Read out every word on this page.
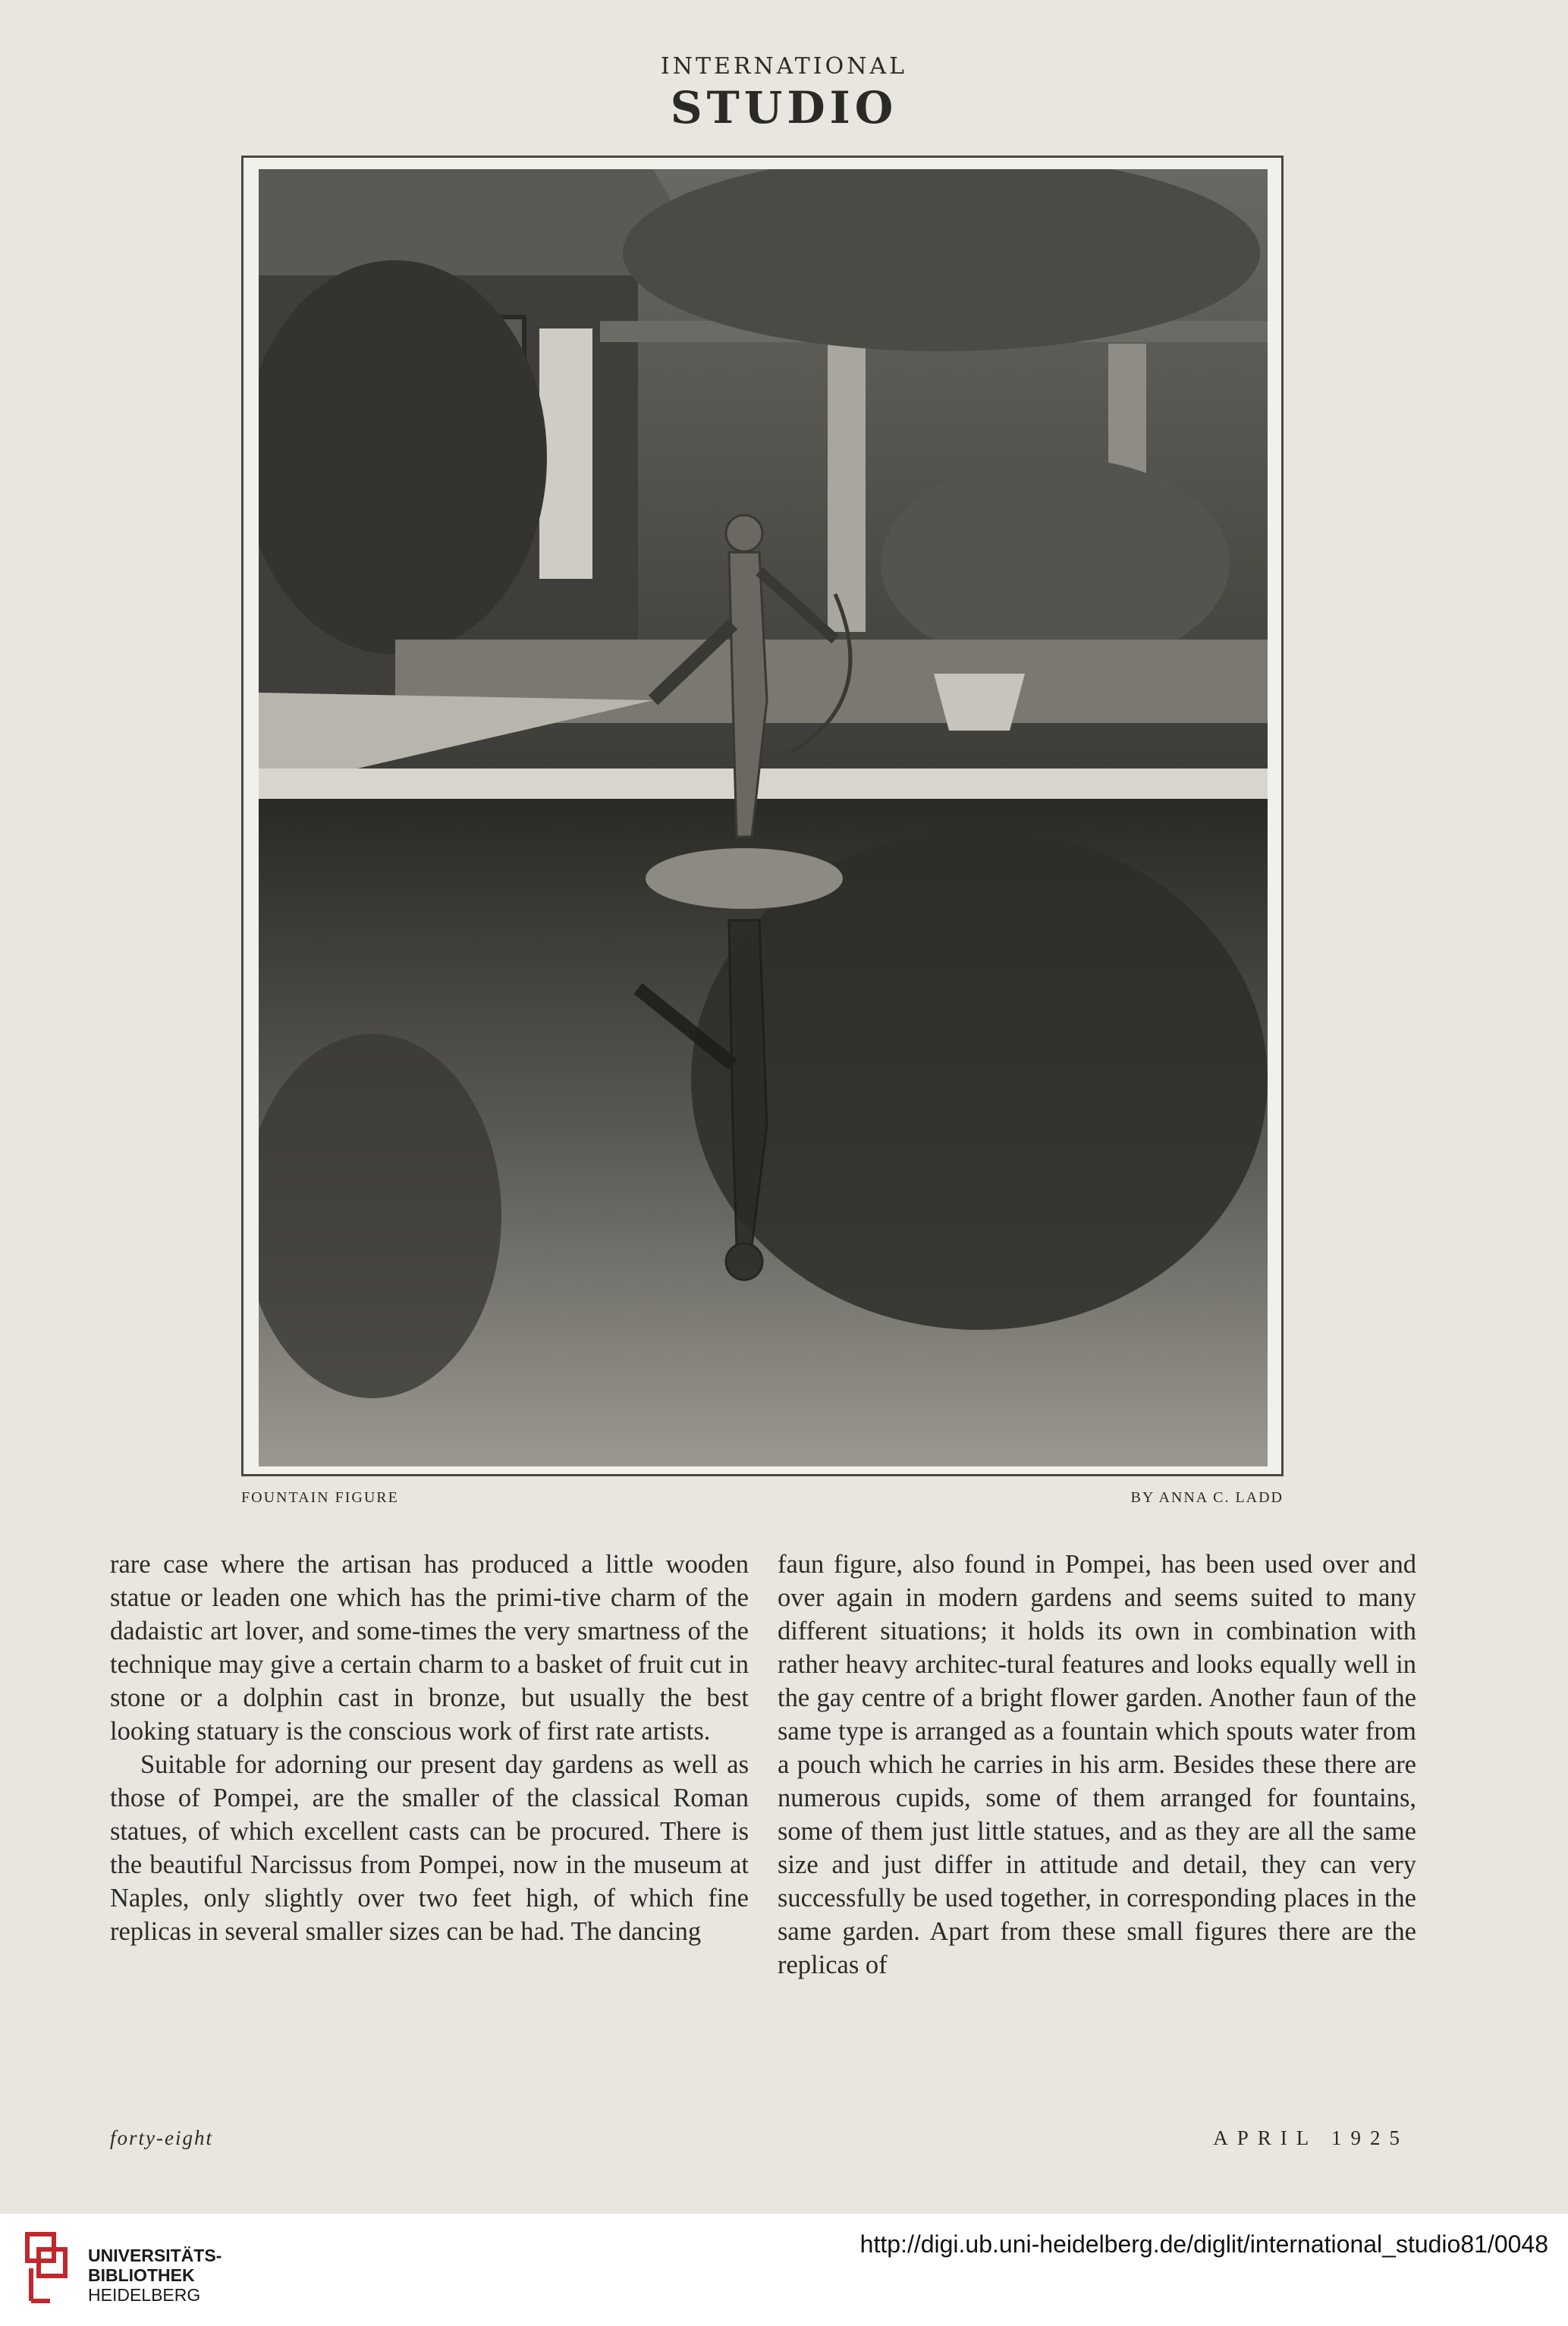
INTERNATIONAL
STUDIO
FOUNTAIN FIGURE	BY ANNA C. LADD

rare case where the artisan has produced a little wooden statue or leaden one which has the primi-tive charm of the dadaistic art lover, and some-times the very smartness of the technique may give a certain charm to a basket of fruit cut in stone or a dolphin cast in bronze, but usually the best looking statuary is the conscious work of first rate artists.

Suitable for adorning our present day gardens as well as those of Pompei, are the smaller of the classical Roman statues, of which excellent casts can be procured. There is the beautiful Narcissus from Pompei, now in the museum at Naples, only slightly over two feet high, of which fine replicas in several smaller sizes can be had. The dancing

faun figure, also found in Pompei, has been used over and over again in modern gardens and seems suited to many different situations; it holds its own in combination with rather heavy architec-tural features and looks equally well in the gay centre of a bright flower garden. Another faun of the same type is arranged as a fountain which spouts water from a pouch which he carries in his arm. Besides these there are numerous cupids, some of them arranged for fountains, some of them just little statues, and as they are all the same size and just differ in attitude and detail, they can very successfully be used together, in corresponding places in the same garden. Apart from these small figures there are the replicas of

forty-eight	APRIL 1925
UNIVERSITÄTS-
BIBLIOTHEK
HEIDELBERG
http://digi.ub.uni-heidelberg.de/diglit/international_studio81/0048
